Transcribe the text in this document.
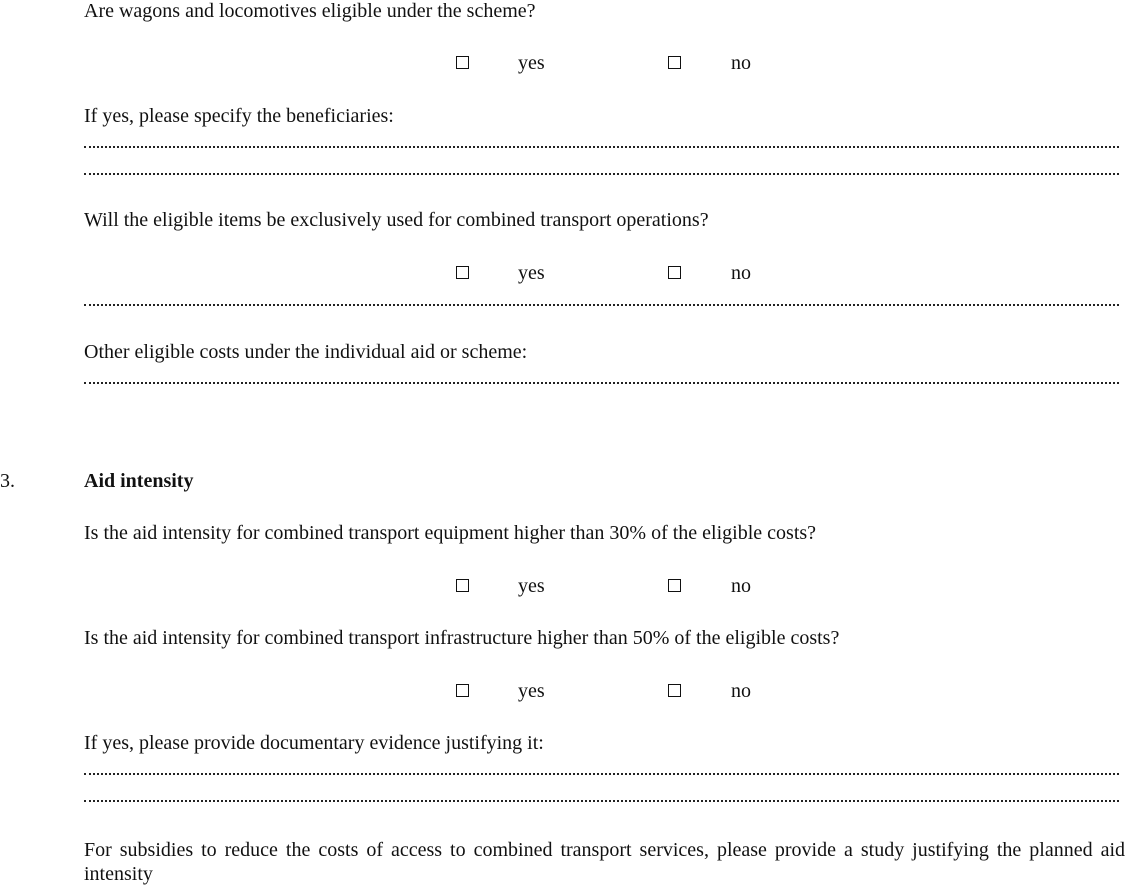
Are wagons and locomotives eligible under the scheme?
yes	no
If yes, please specify the beneficiaries:
Will the eligible items be exclusively used for combined transport operations?
yes	no
Other eligible costs under the individual aid or scheme:
3.	Aid intensity
Is the aid intensity for combined transport equipment higher than 30% of the eligible costs?
yes	no
Is the aid intensity for combined transport infrastructure higher than 50% of the eligible costs?
yes	no
If yes, please provide documentary evidence justifying it:
For subsidies to reduce the costs of access to combined transport services, please provide a study justifying the planned aid intensity
